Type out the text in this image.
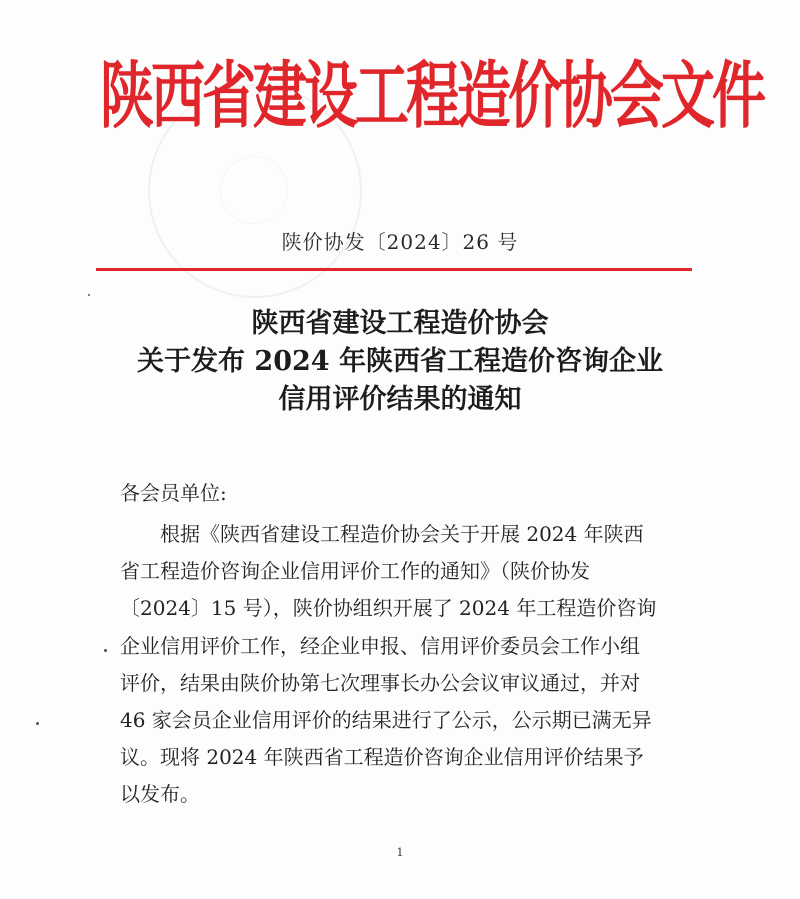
陕西省建设工程造价协会文件
陕价协发〔2024〕26 号
陕西省建设工程造价协会
关于发布 2024 年陕西省工程造价咨询企业
信用评价结果的通知
各会员单位:
根据《陕西省建设工程造价协会关于开展 2024 年陕西
省工程造价咨询企业信用评价工作的通知》（陕价协发
〔2024〕15 号），陕价协组织开展了 2024 年工程造价咨询
企业信用评价工作，经企业申报、信用评价委员会工作小组
评价，结果由陕价协第七次理事长办公会议审议通过，并对
46 家会员企业信用评价的结果进行了公示，公示期已满无异
议。现将 2024 年陕西省工程造价咨询企业信用评价结果予
以发布。
1
